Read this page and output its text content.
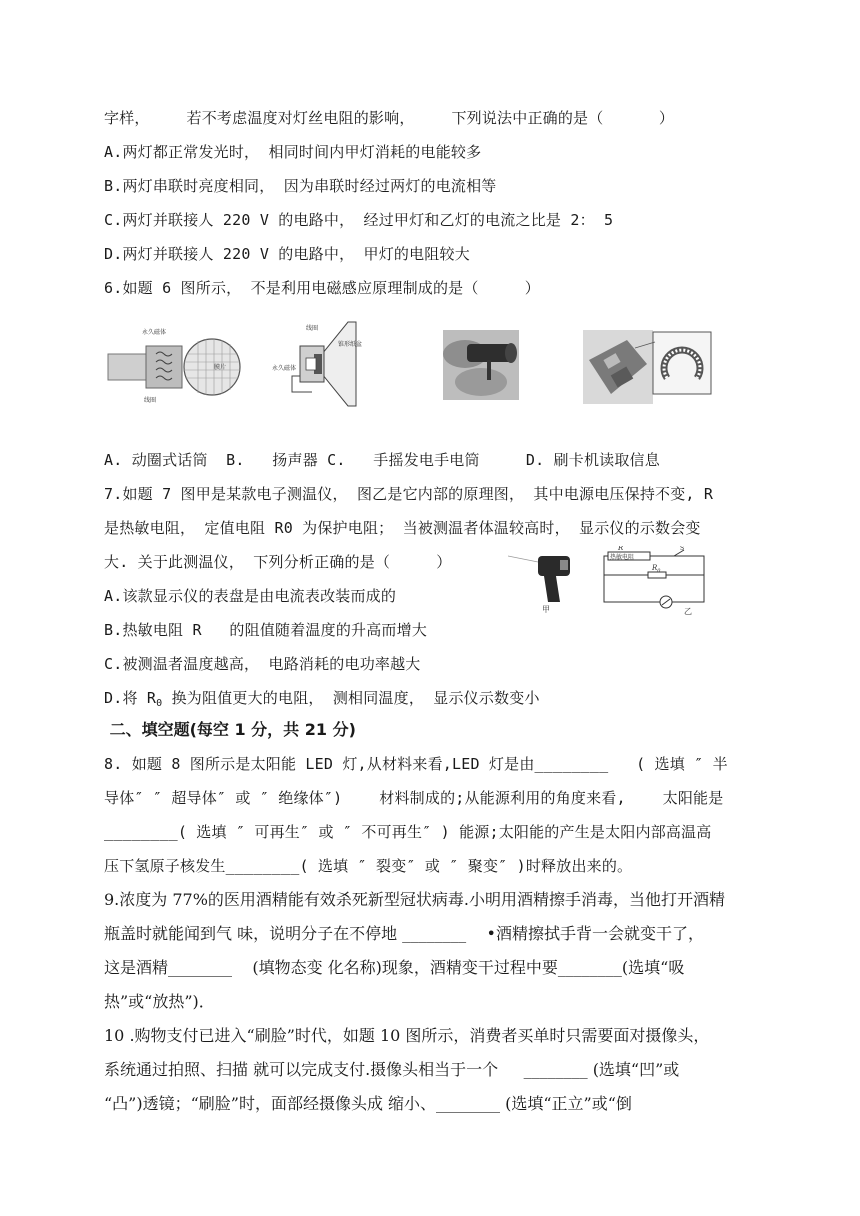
字样，    若不考虑温度对灯丝电阻的影响，    下列说法中正确的是（      ）
A.两灯都正常发光时， 相同时间内甲灯消耗的电能较多
B.两灯串联时亮度相同， 因为串联时经过两灯的电流相等
C.两灯并联接人 220 V 的电路中， 经过甲灯和乙灯的电流之比是 2： 5
D.两灯并联接人 220 V 的电路中， 甲灯的电阻较大
6.如题 6 图所示， 不是利用电磁感应原理制成的是（     ）
永久磁体
膜片
线圈
线圈
锥形纸盆
永久磁体
A. 动圈式话筒  B.   扬声器 C.   手摇发电手电筒     D. 刷卡机读取信息
7.如题 7 图甲是某款电子测温仪， 图乙是它内部的原理图， 其中电源电压保持不变, R
是热敏电阻， 定值电阻 R0 为保护电阻； 当被测温者体温较高时， 显示仪的示数会变
大. 关于此测温仪， 下列分析正确的是（     ）
A.该款显示仪的表盘是由电流表改装而成的
B.热敏电阻 R   的阻值随着温度的升高而增大
C.被测温者温度越高， 电路消耗的电功率越大
D.将 $R_0$ 换为阻值更大的电阻， 测相同温度， 显示仪示数变小
甲
R
热敏电阻
S
$R_0$
乙
二、填空题(每空 1 分，共 21 分)
8. 如题 8 图所示是太阳能 LED 灯,从材料来看,LED 灯是由________   ( 选填 ″ 半
导体″ ″ 超导体″ 或 ″ 绝缘体″)    材料制成的;从能源利用的角度来看,    太阳能是
________( 选填 ″ 可再生″ 或 ″ 不可再生″ ) 能源;太阳能的产生是太阳内部高温高
压下氢原子核发生________( 选填 ″ 裂变″ 或 ″ 聚变″ )时释放出来的。
9.浓度为 77%的医用酒精能有效杀死新型冠状病毒.小明用酒精擦手消毒，当他打开酒精
瓶盖时就能闻到气 味，说明分子在不停地 ________    •酒精擦拭手背一会就变干了，
这是酒精________    (填物态变 化名称)现象，酒精变干过程中要________(选填“吸
热”或“放热”)．
10 .购物支付已进入“刷脸”时代，如题 10 图所示，消费者买单时只需要面对摄像头，
系统通过拍照、扫描 就可以完成支付.摄像头相当于一个     ________ (选填“凹”或
“凸”)透镜；“刷脸”时，面部经摄像头成 缩小、________ (选填“正立”或“倒
